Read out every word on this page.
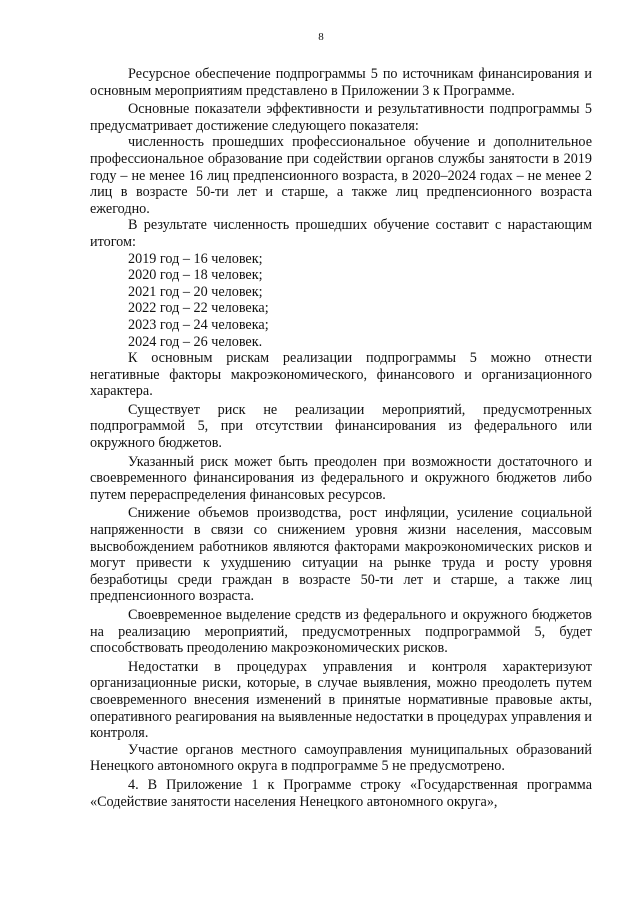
8

Ресурсное обеспечение подпрограммы 5 по источникам финансирования и основным мероприятиям представлено в Приложении 3 к Программе.

Основные показатели эффективности и результативности подпрограммы 5 предусматривает достижение следующего показателя:

численность прошедших профессиональное обучение и дополнительное профессиональное образование при содействии органов службы занятости в 2019 году – не менее 16 лиц предпенсионного возраста, в 2020–2024 годах – не менее 2 лиц в возрасте 50-ти лет и старше, а также лиц предпенсионного возраста ежегодно.

В результате численность прошедших обучение составит с нарастающим итогом:

2019 год – 16 человек;

2020 год – 18 человек;

2021 год – 20 человек;

2022 год – 22 человека;

2023 год – 24 человека;

2024 год – 26 человек.

К основным рискам реализации подпрограммы 5 можно отнести негативные факторы макроэкономического, финансового и организационного характера.

Существует риск не реализации мероприятий, предусмотренных подпрограммой 5, при отсутствии финансирования из федерального или окружного бюджетов.

Указанный риск может быть преодолен при возможности достаточного и своевременного финансирования из федерального и окружного бюджетов либо путем перераспределения финансовых ресурсов.

Снижение объемов производства, рост инфляции, усиление социальной напряженности в связи со снижением уровня жизни населения, массовым высвобождением работников являются факторами макроэкономических рисков и могут привести к ухудшению ситуации на рынке труда и росту уровня безработицы среди граждан в возрасте 50-ти лет и старше, а также лиц предпенсионного возраста.

Своевременное выделение средств из федерального и окружного бюджетов на реализацию мероприятий, предусмотренных подпрограммой 5, будет способствовать преодолению макроэкономических рисков.

Недостатки в процедурах управления и контроля характеризуют организационные риски, которые, в случае выявления, можно преодолеть путем своевременного внесения изменений в принятые нормативные правовые акты, оперативного реагирования на выявленные недостатки в процедурах управления и контроля.

Участие органов местного самоуправления муниципальных образований Ненецкого автономного округа в подпрограмме 5 не предусмотрено.

4. В Приложение 1 к Программе строку «Государственная программа «Содействие занятости населения Ненецкого автономного округа»,
